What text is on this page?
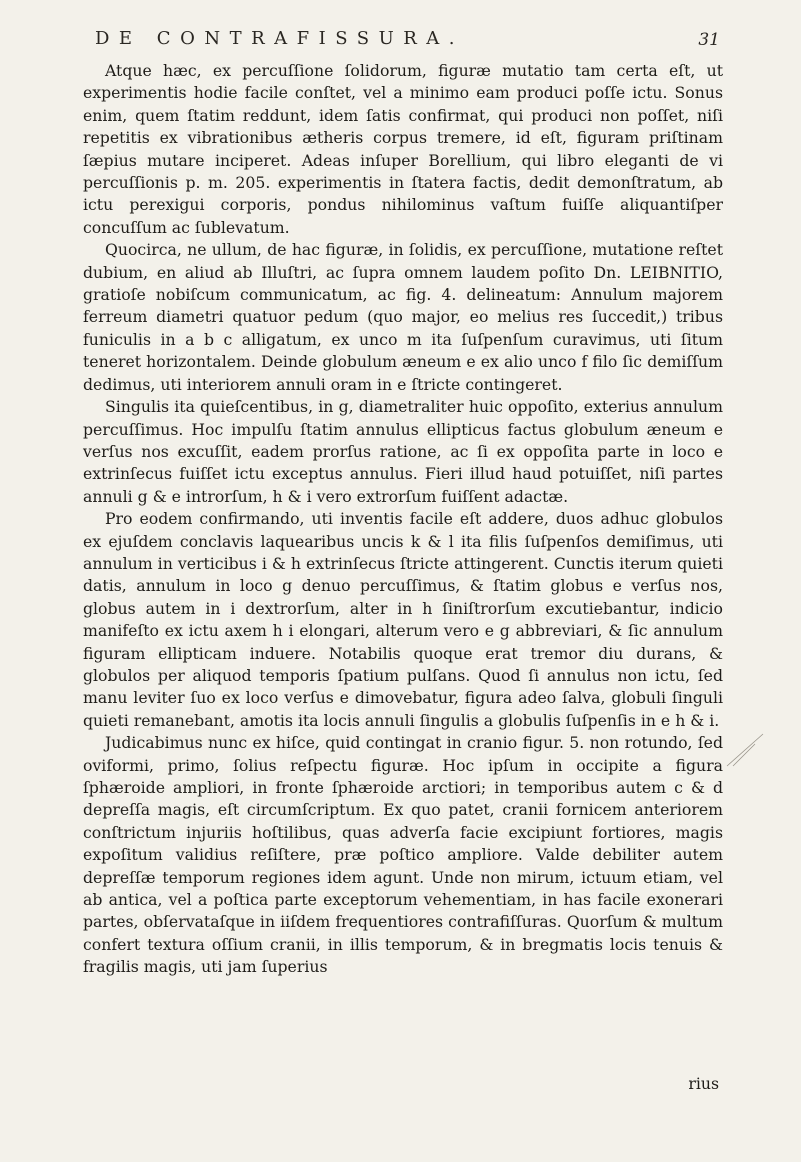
DE CONTRAFISSURA.	31

Atque hæc, ex percuſſione ſolidorum, figuræ mutatio tam certa eſt, ut experimentis hodie facile conſtet, vel a minimo eam produci poſſe ictu. Sonus enim, quem ſtatim reddunt, idem ſatis confirmat, qui produci non poſſet, niſi repetitis ex vibrationibus ætheris corpus tremere, id eſt, figuram priſtinam ſæpius mutare inciperet. Adeas inſuper Borellium, qui libro eleganti de vi percuſſionis p. m. 205. experimentis in ſtatera factis, dedit demonſtratum, ab ictu perexigui corporis, pondus nihilominus vaſtum fuiſſe aliquantiſper concuſſum ac ſublevatum.

Quocirca, ne ullum, de hac figuræ, in ſolidis, ex percuſſione, mutatione reſtet dubium, en aliud ab Illuſtri, ac ſupra omnem laudem poſito Dn. LEIBNITIO, gratioſe nobiſcum communicatum, ac fig. 4. delineatum: Annulum majorem ferreum diametri quatuor pedum (quo major, eo melius res ſuccedit,) tribus funiculis in a b c alligatum, ex unco m ita ſuſpenſum curavimus, uti ſitum teneret horizontalem. Deinde globulum æneum e ex alio unco f filo ſic demiſſum dedimus, uti interiorem annuli oram in e ſtricte contingeret.

Singulis ita quieſcentibus, in g, diametraliter huic oppoſito, exterius annulum percuſſimus. Hoc impulſu ſtatim annulus ellipticus factus globulum æneum e verſus nos excuſſit, eadem prorſus ratione, ac ſi ex oppoſita parte in loco e extrinſecus fuiſſet ictu exceptus annulus. Fieri illud haud potuiſſet, niſi partes annuli g & e introrſum, h & i vero extrorſum fuiſſent adactæ.

Pro eodem confirmando, uti inventis facile eſt addere, duos adhuc globulos ex ejuſdem conclavis laquearibus uncis k & l ita filis ſuſpenſos demiſimus, uti annulum in verticibus i & h extrinſecus ſtricte attingerent. Cunctis iterum quieti datis, annulum in loco g denuo percuſſimus, & ſtatim globus e verſus nos, globus autem in i dextrorſum, alter in h ſiniſtrorſum excutiebantur, indicio manifeſto ex ictu axem h i elongari, alterum vero e g abbreviari, & ſic annulum figuram ellipticam induere. Notabilis quoque erat tremor diu durans, & globulos per aliquod temporis ſpatium pulſans. Quod ſi annulus non ictu, ſed manu leviter ſuo ex loco verſus e dimovebatur, figura adeo ſalva, globuli ſinguli quieti remanebant, amotis ita locis annuli ſingulis a globulis ſuſpenſis in e h & i.

Judicabimus nunc ex hiſce, quid contingat in cranio figur. 5. non rotundo, ſed oviformi, primo, ſolius reſpectu figuræ. Hoc ipſum in occipite a figura ſphæroide ampliori, in fronte ſphæroide arctiori; in temporibus autem c & d depreſſa magis, eſt circumſcriptum. Ex quo patet, cranii fornicem anteriorem conſtrictum injuriis hoſtilibus, quas adverſa facie excipiunt fortiores, magis expoſitum validius reſiſtere, præ poſtico ampliore. Valde debiliter autem depreſſæ temporum regiones idem agunt. Unde non mirum, ictuum etiam, vel ab antica, vel a poſtica parte exceptorum vehementiam, in has facile exonerari partes, obſervataſque in iiſdem frequentiores contrafiſſuras. Quorſum & multum confert textura oſſium cranii, in illis temporum, & in bregmatis locis tenuis & fragilis magis, uti jam ſuperius

rius
